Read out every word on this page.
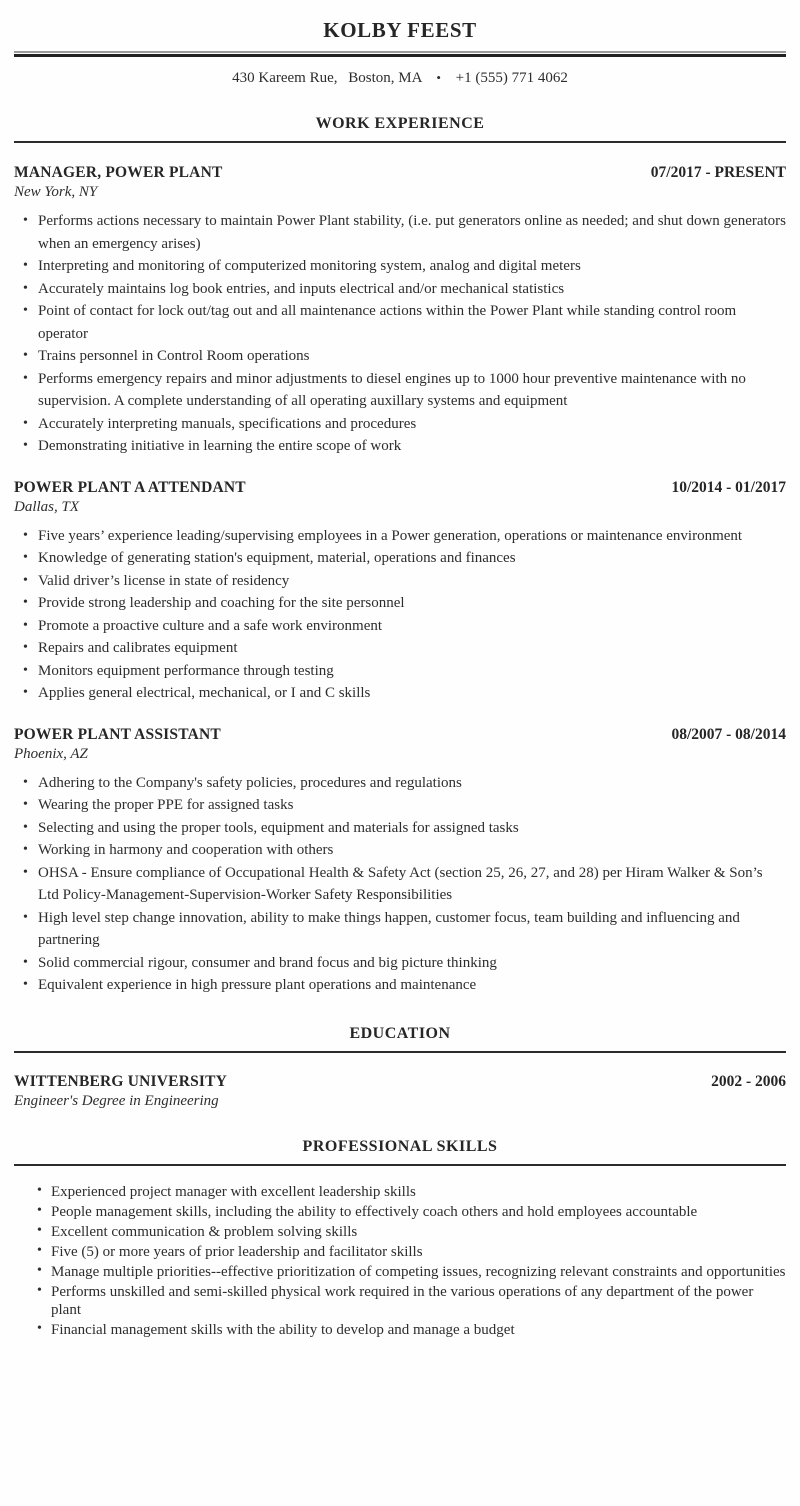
KOLBY FEEST
430 Kareem Rue, Boston, MA • +1 (555) 771 4062
WORK EXPERIENCE
MANAGER, POWER PLANT	07/2017 - PRESENT
New York, NY
• Performs actions necessary to maintain Power Plant stability, (i.e. put generators online as needed; and shut down generators when an emergency arises)
• Interpreting and monitoring of computerized monitoring system, analog and digital meters
• Accurately maintains log book entries, and inputs electrical and/or mechanical statistics
• Point of contact for lock out/tag out and all maintenance actions within the Power Plant while standing control room operator
• Trains personnel in Control Room operations
• Performs emergency repairs and minor adjustments to diesel engines up to 1000 hour preventive maintenance with no supervision. A complete understanding of all operating auxillary systems and equipment
• Accurately interpreting manuals, specifications and procedures
• Demonstrating initiative in learning the entire scope of work
POWER PLANT A ATTENDANT	10/2014 - 01/2017
Dallas, TX
• Five years’ experience leading/supervising employees in a Power generation, operations or maintenance environment
• Knowledge of generating station's equipment, material, operations and finances
• Valid driver’s license in state of residency
• Provide strong leadership and coaching for the site personnel
• Promote a proactive culture and a safe work environment
• Repairs and calibrates equipment
• Monitors equipment performance through testing
• Applies general electrical, mechanical, or I and C skills
POWER PLANT ASSISTANT	08/2007 - 08/2014
Phoenix, AZ
• Adhering to the Company's safety policies, procedures and regulations
• Wearing the proper PPE for assigned tasks
• Selecting and using the proper tools, equipment and materials for assigned tasks
• Working in harmony and cooperation with others
• OHSA - Ensure compliance of Occupational Health & Safety Act (section 25, 26, 27, and 28) per Hiram Walker & Son’s Ltd Policy-Management-Supervision-Worker Safety Responsibilities
• High level step change innovation, ability to make things happen, customer focus, team building and influencing and partnering
• Solid commercial rigour, consumer and brand focus and big picture thinking
• Equivalent experience in high pressure plant operations and maintenance
EDUCATION
WITTENBERG UNIVERSITY	2002 - 2006
Engineer's Degree in Engineering
PROFESSIONAL SKILLS
• Experienced project manager with excellent leadership skills
• People management skills, including the ability to effectively coach others and hold employees accountable
• Excellent communication & problem solving skills
• Five (5) or more years of prior leadership and facilitator skills
• Manage multiple priorities--effective prioritization of competing issues, recognizing relevant constraints and opportunities
• Performs unskilled and semi-skilled physical work required in the various operations of any department of the power plant
• Financial management skills with the ability to develop and manage a budget
